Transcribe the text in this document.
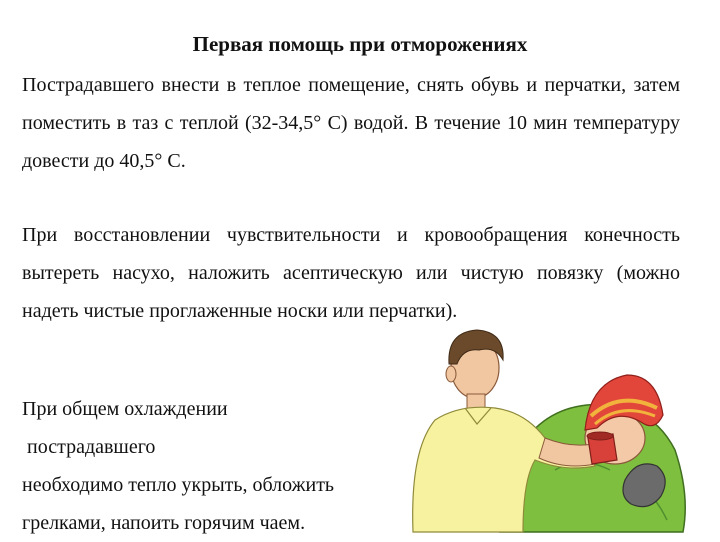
Первая помощь при отморожениях
Пострадавшего внести в теплое помещение, снять обувь и перчатки, затем поместить в таз с теплой (32-34,5° С) водой. В течение 10 мин температуру довести до 40,5° С.
При восстановлении чувствительности и кровообращения конечность вытереть насухо, наложить асептическую или чистую повязку (можно надеть чистые проглаженные носки или перчатки).
При общем охлаждении
пострадавшего
необходимо тепло укрыть, обложить
грелками, напоить горячим чаем.
